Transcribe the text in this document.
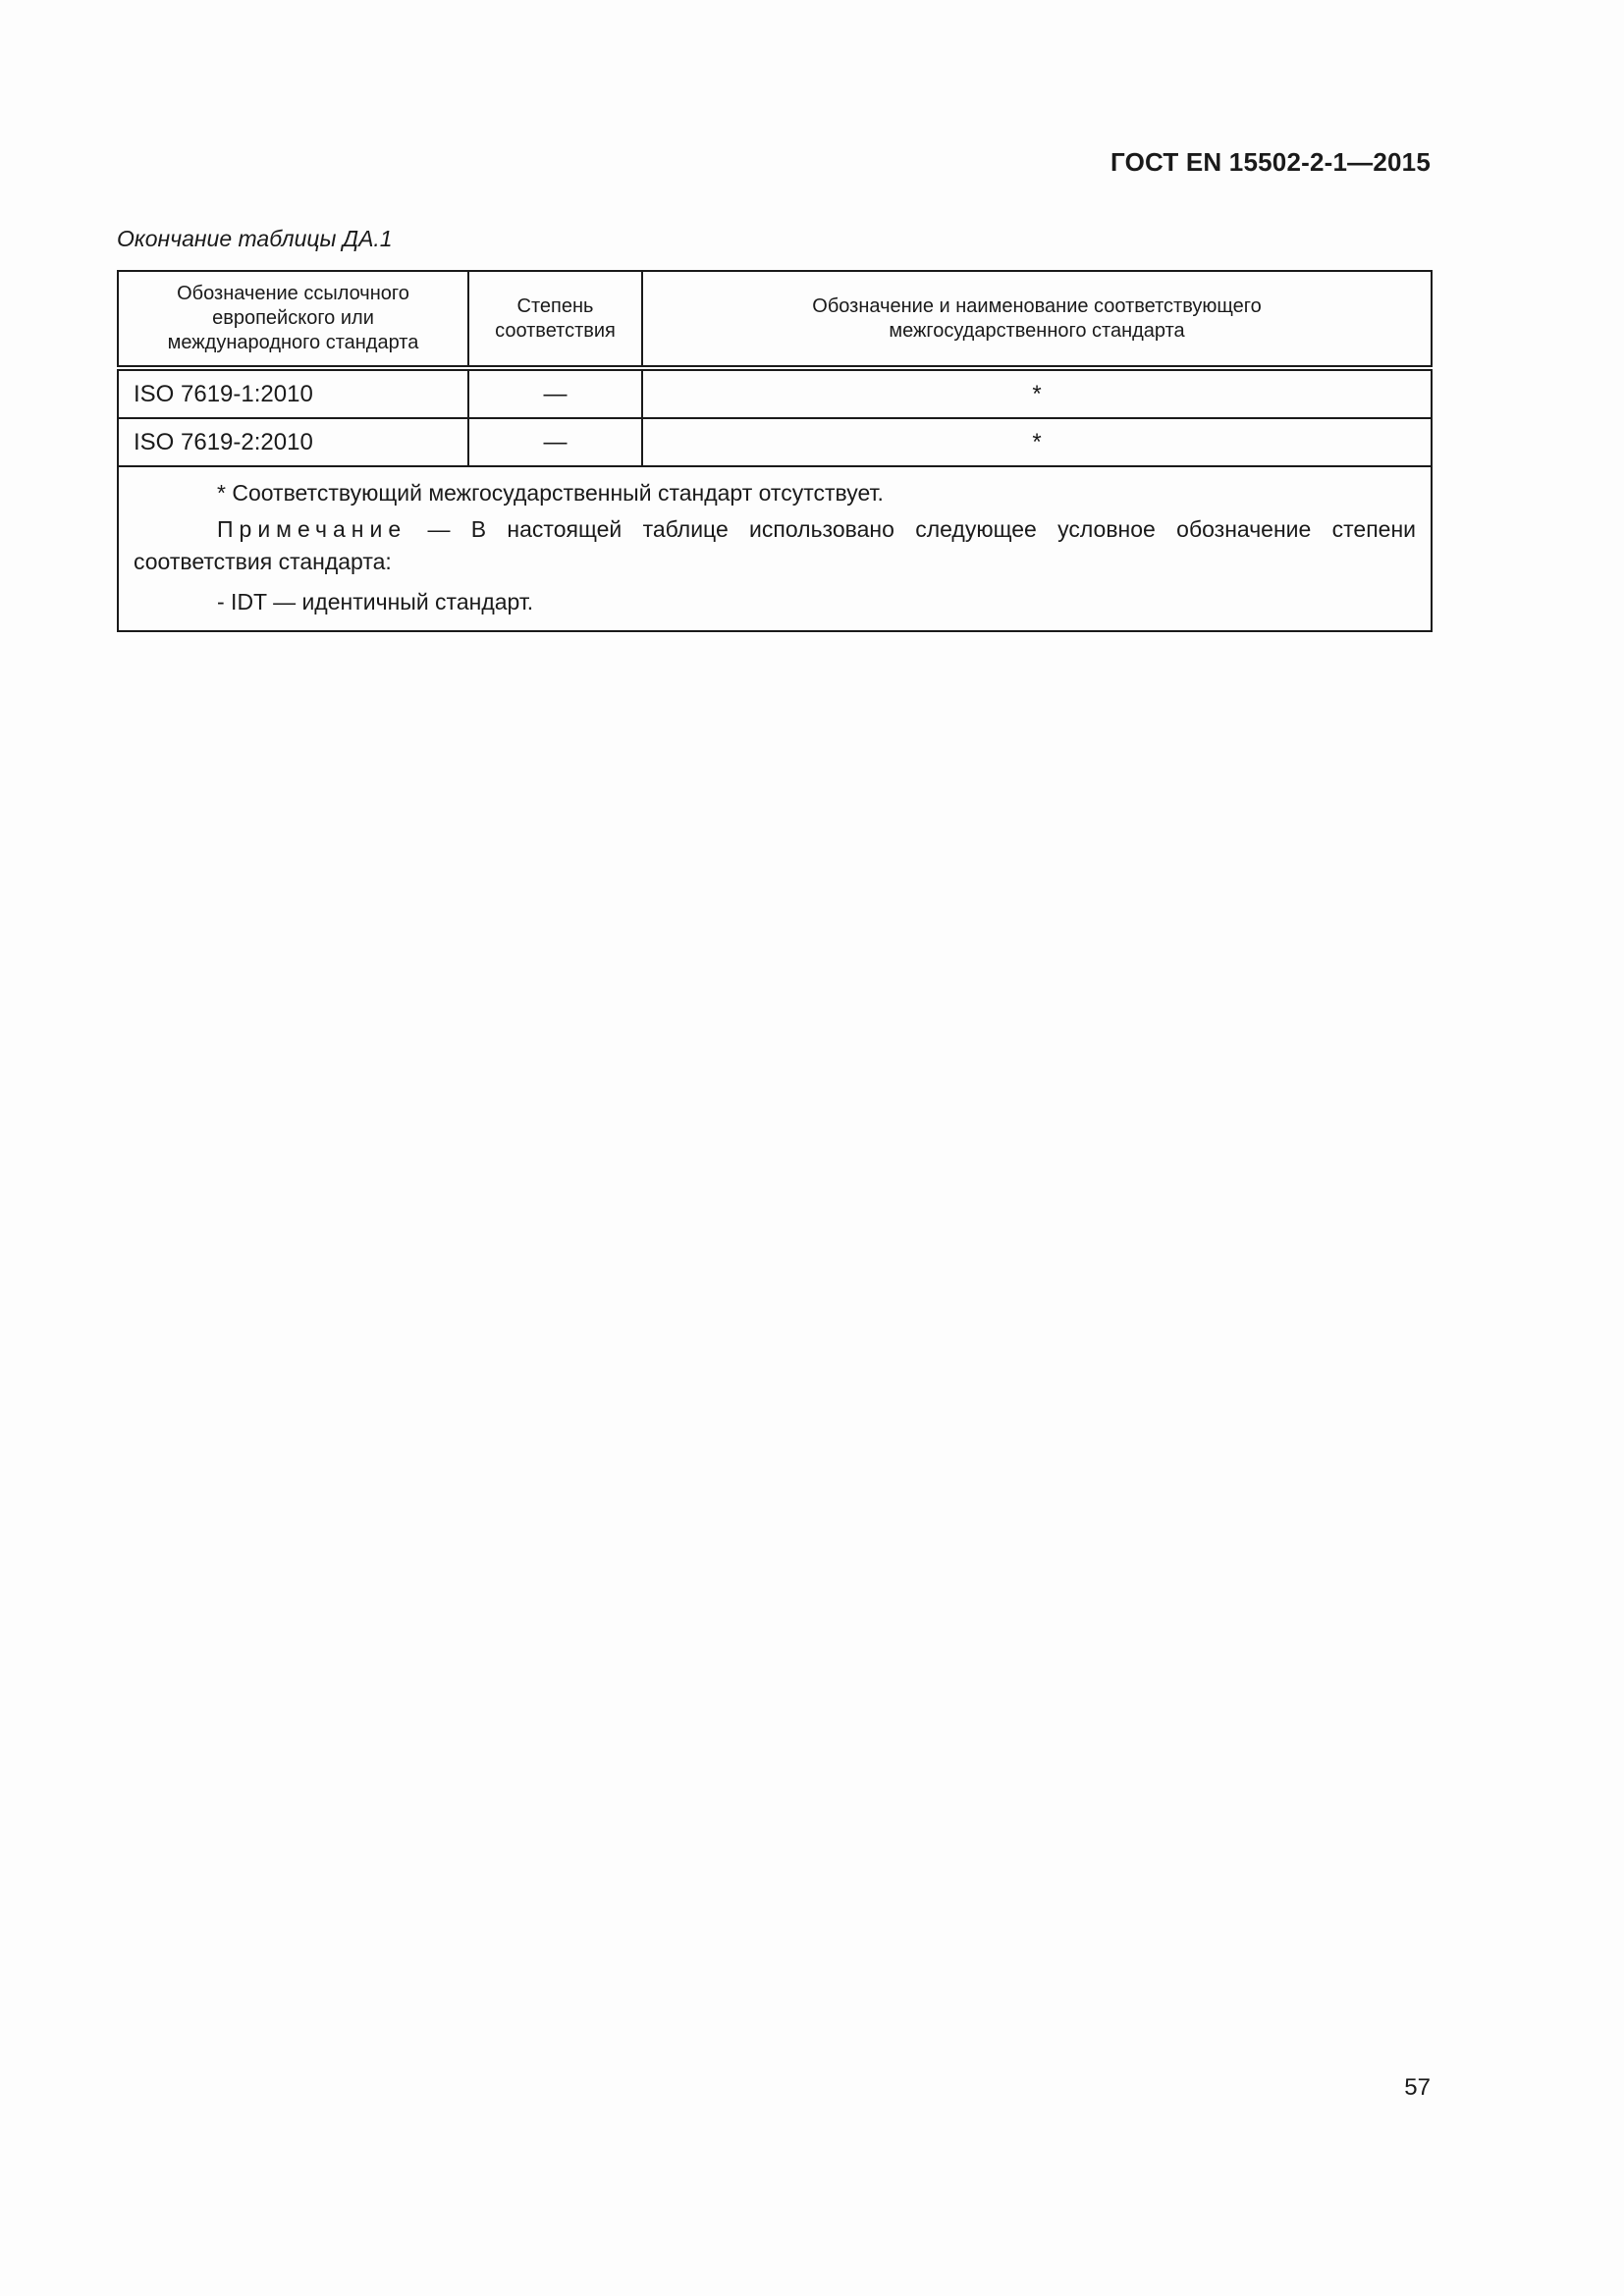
ГОСТ EN 15502-2-1—2015
Окончание таблицы ДА.1
Обозначение ссылочного европейского или международного стандарта	Степень соответствия	Обозначение и наименование соответствующего межгосударственного стандарта

ISO 7619-1:2010	—	*
ISO 7619-2:2010	—	*

* Соответствующий межгосударственный стандарт отсутствует.

Примечание — В настоящей таблице использовано следующее условное обозначение степени соответствия стандарта:

- IDT — идентичный стандарт.		

57
